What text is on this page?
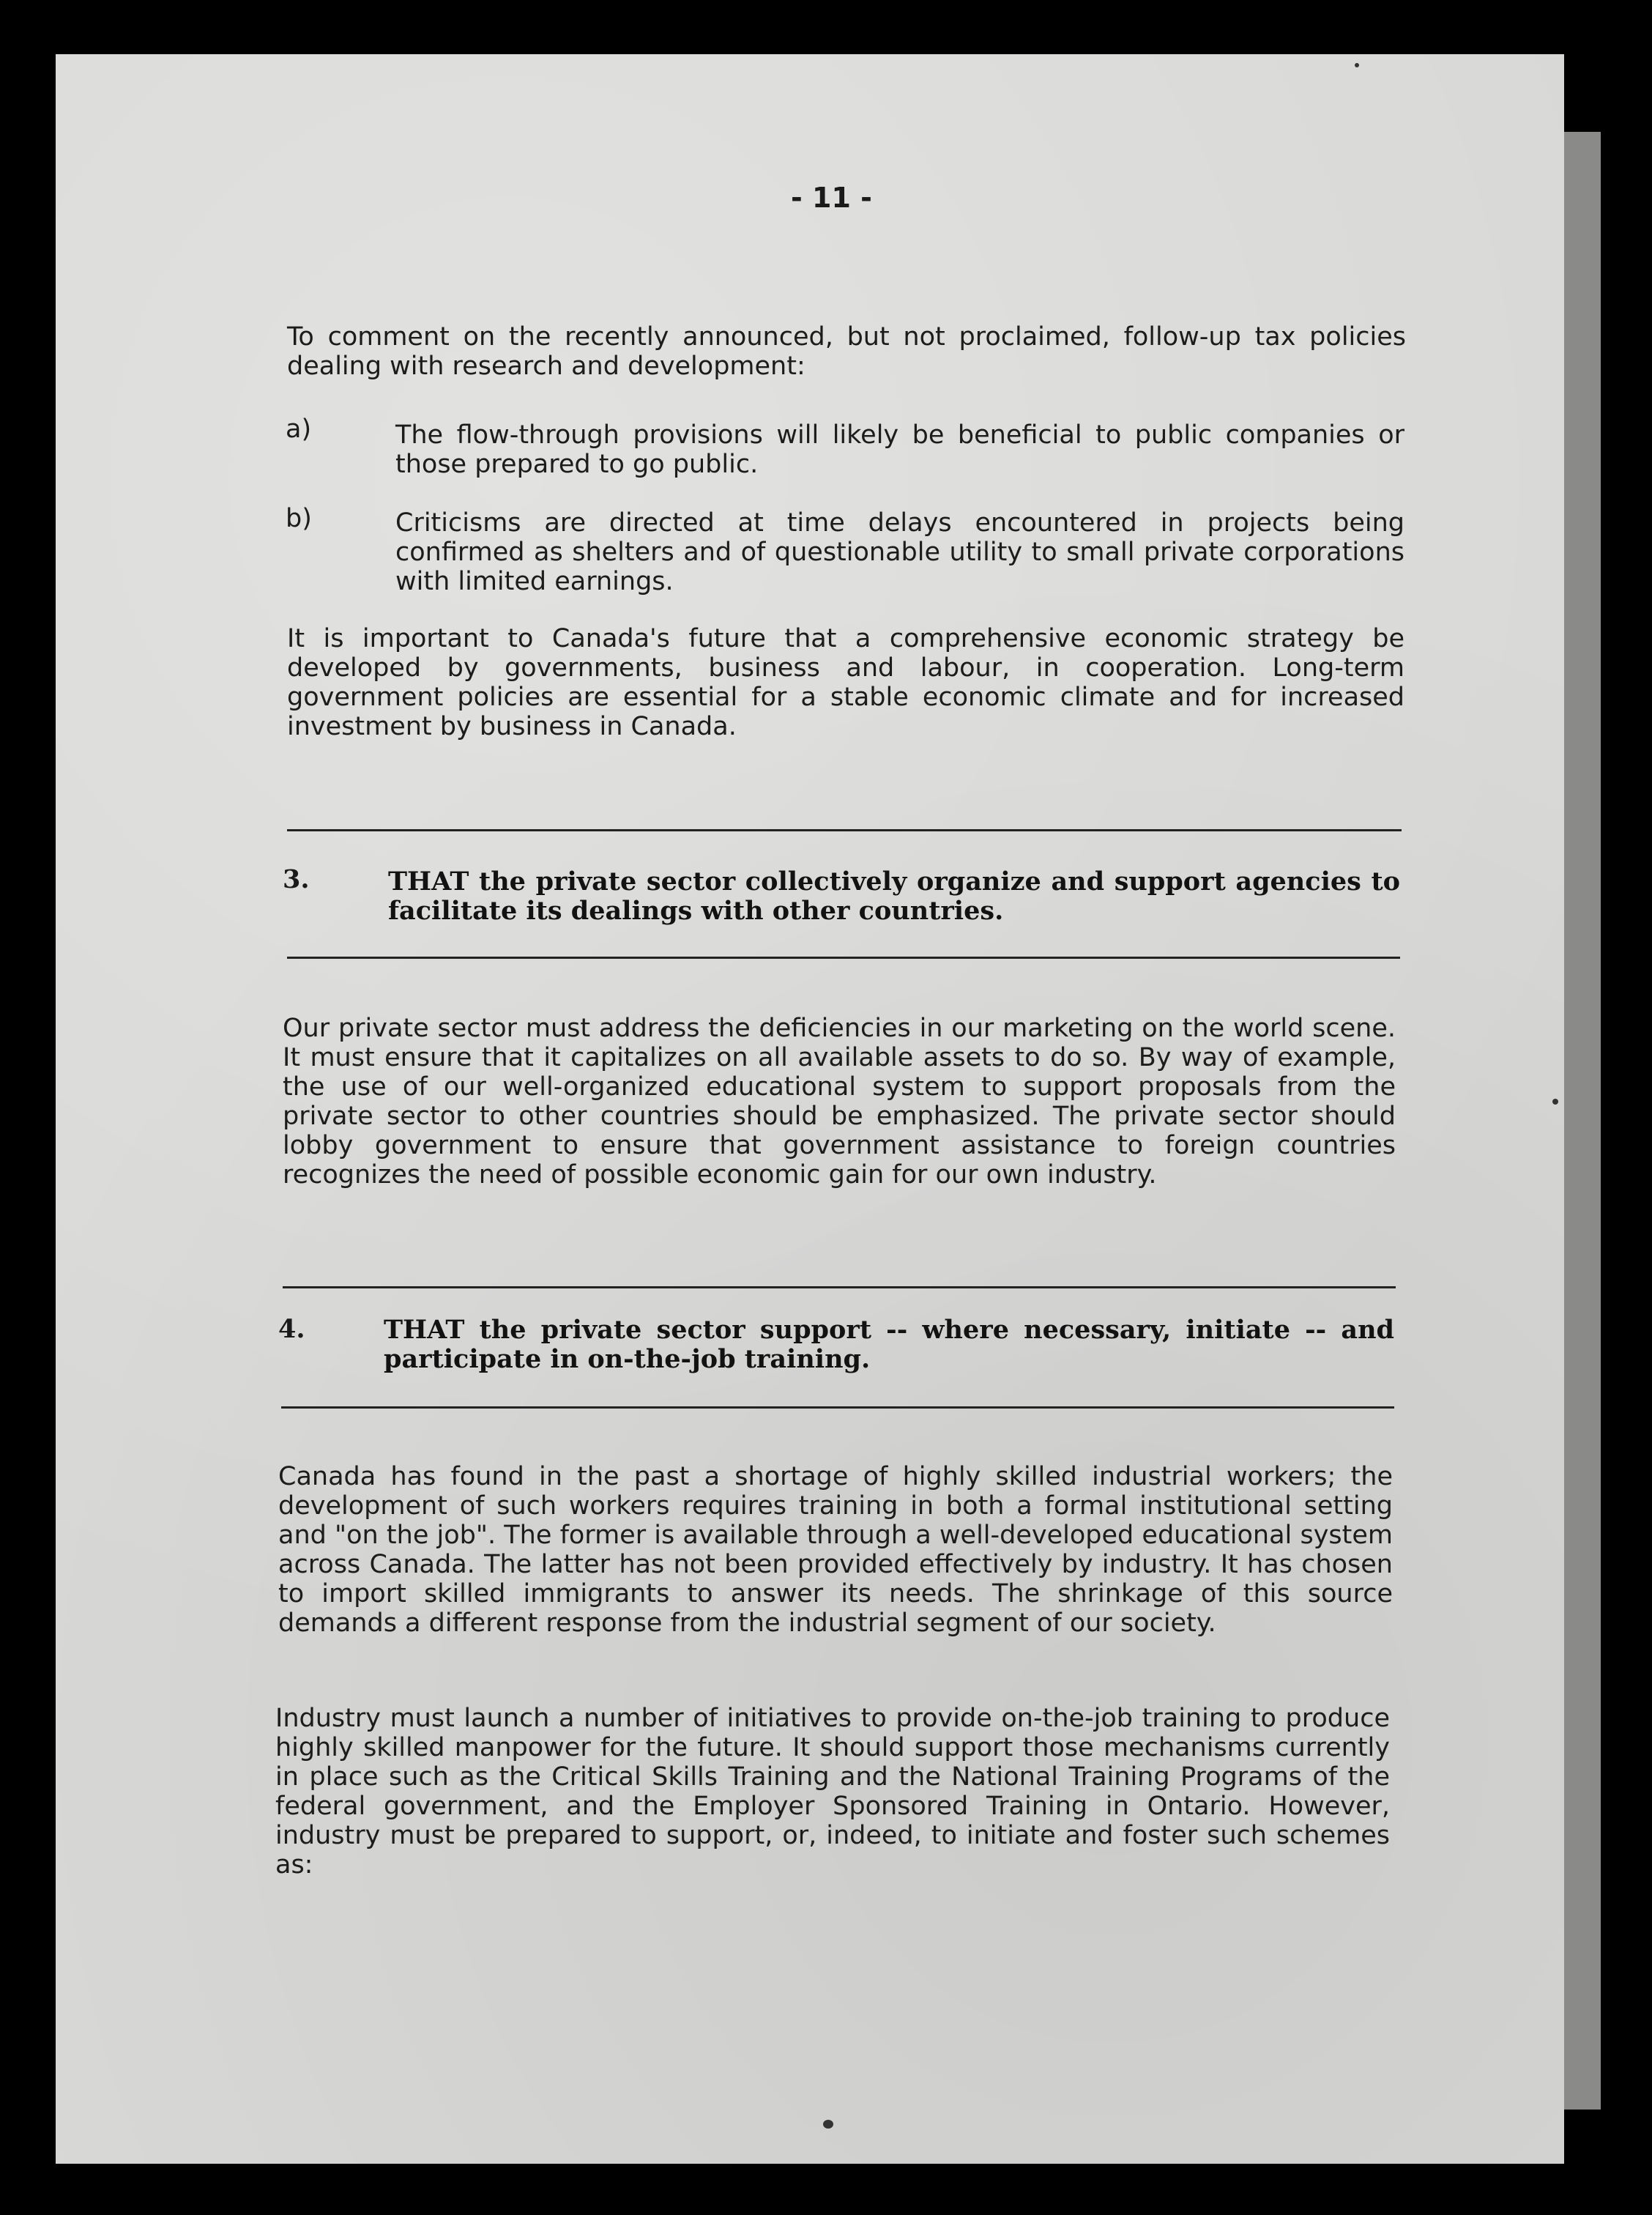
- 11 -
To comment on the recently announced, but not proclaimed, follow-up tax policies dealing with research and development:
a)	The flow-through provisions will likely be beneficial to public companies or those prepared to go public.
b)	Criticisms are directed at time delays encountered in projects being confirmed as shelters and of questionable utility to small private corporations with limited earnings.
It is important to Canada's future that a comprehensive economic strategy be developed by governments, business and labour, in cooperation. Long-term government policies are essential for a stable economic climate and for increased investment by business in Canada.
3.	THAT the private sector collectively organize and support agencies to facilitate its dealings with other countries.
Our private sector must address the deficiencies in our marketing on the world scene. It must ensure that it capitalizes on all available assets to do so. By way of example, the use of our well-organized educational system to support proposals from the private sector to other countries should be emphasized. The private sector should lobby government to ensure that government assistance to foreign countries recognizes the need of possible economic gain for our own industry.
4.	THAT the private sector support -- where necessary, initiate -- and participate in on-the-job training.
Canada has found in the past a shortage of highly skilled industrial workers; the development of such workers requires training in both a formal institutional setting and "on the job". The former is available through a well-developed educational system across Canada. The latter has not been provided effectively by industry. It has chosen to import skilled immigrants to answer its needs. The shrinkage of this source demands a different response from the industrial segment of our society.
Industry must launch a number of initiatives to provide on-the-job training to produce highly skilled manpower for the future. It should support those mechanisms currently in place such as the Critical Skills Training and the National Training Programs of the federal government, and the Employer Sponsored Training in Ontario. However, industry must be prepared to support, or, indeed, to initiate and foster such schemes as:
